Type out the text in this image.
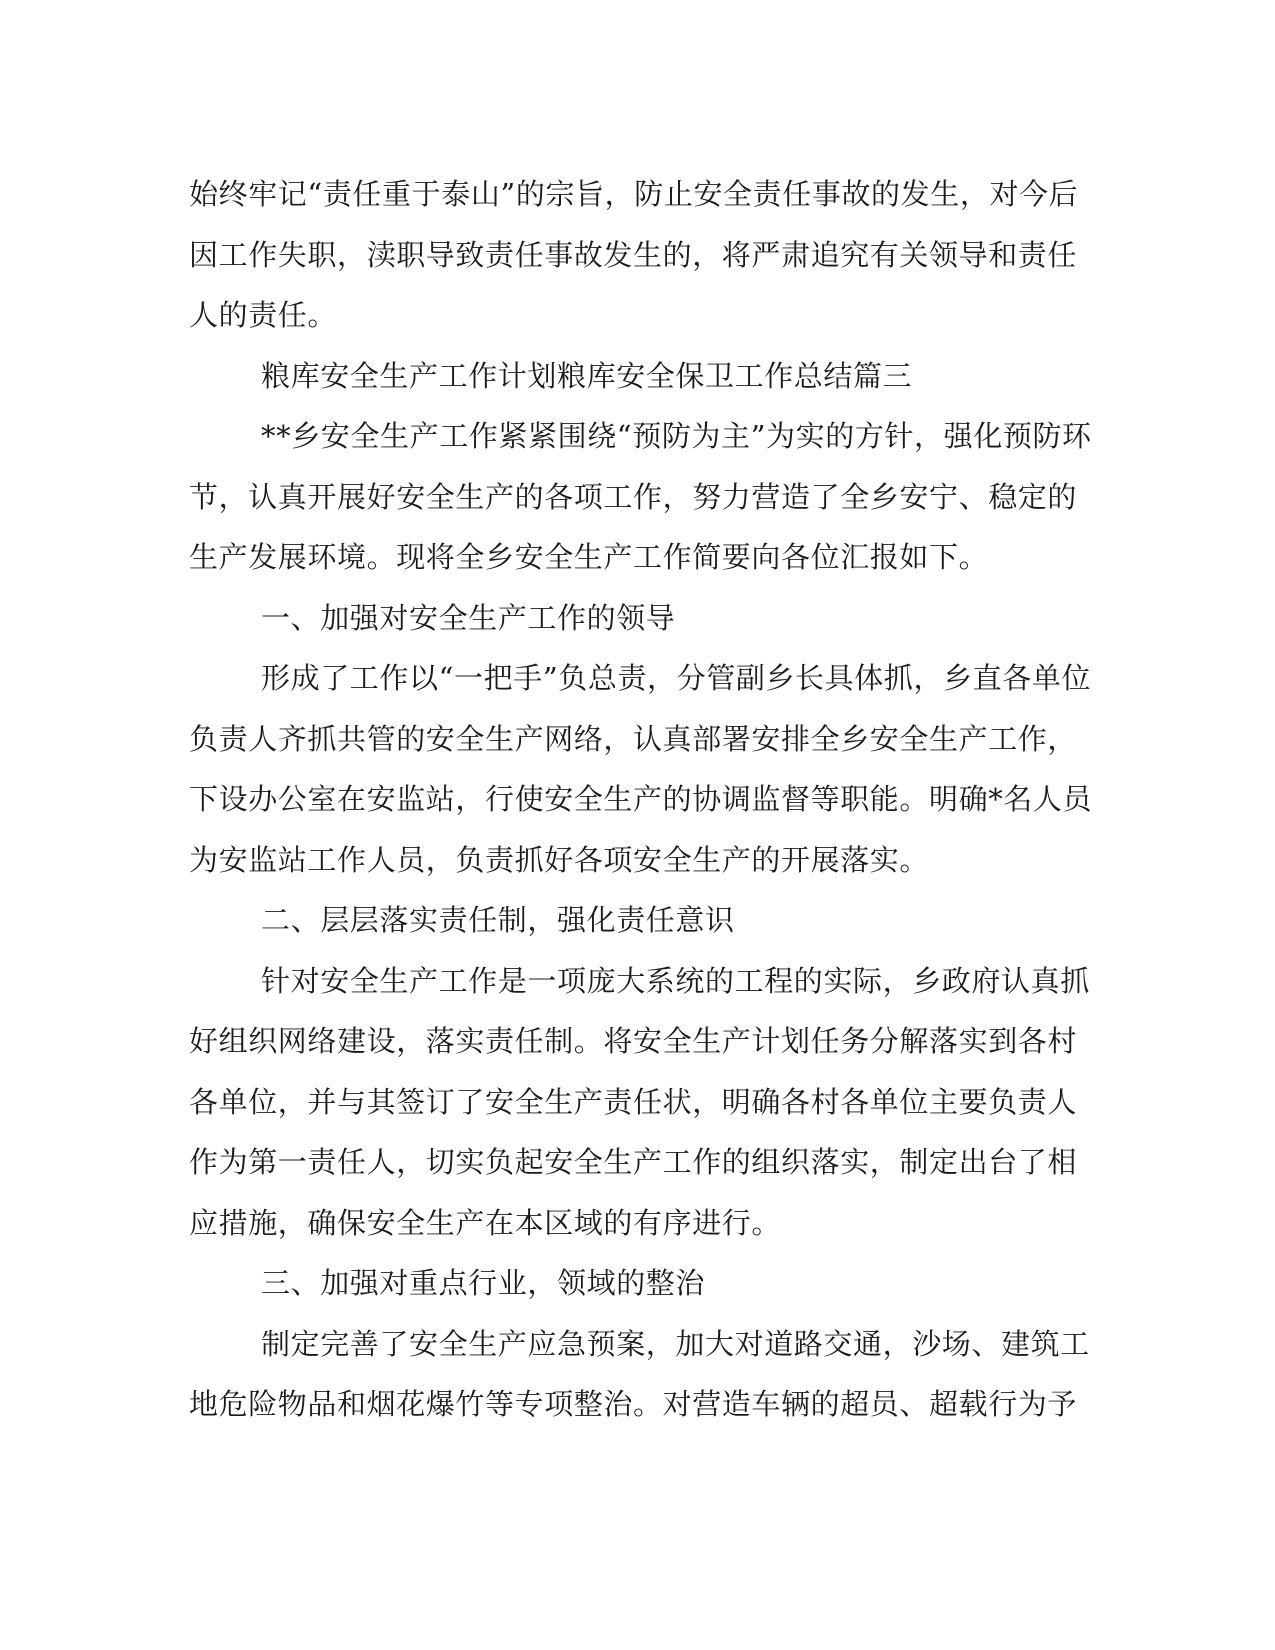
始终牢记“责任重于泰山”的宗旨，防止安全责任事故的发生，对今后
因工作失职，渎职导致责任事故发生的，将严肃追究有关领导和责任
人的责任。
粮库安全生产工作计划粮库安全保卫工作总结篇三
**乡安全生产工作紧紧围绕“预防为主”为实的方针，强化预防环
节，认真开展好安全生产的各项工作，努力营造了全乡安宁、稳定的
生产发展环境。现将全乡安全生产工作简要向各位汇报如下。
一、加强对安全生产工作的领导
形成了工作以“一把手”负总责，分管副乡长具体抓，乡直各单位
负责人齐抓共管的安全生产网络，认真部署安排全乡安全生产工作，
下设办公室在安监站，行使安全生产的协调监督等职能。明确*名人员
为安监站工作人员，负责抓好各项安全生产的开展落实。
二、层层落实责任制，强化责任意识
针对安全生产工作是一项庞大系统的工程的实际，乡政府认真抓
好组织网络建设，落实责任制。将安全生产计划任务分解落实到各村
各单位，并与其签订了安全生产责任状，明确各村各单位主要负责人
作为第一责任人，切实负起安全生产工作的组织落实，制定出台了相
应措施，确保安全生产在本区域的有序进行。
三、加强对重点行业，领域的整治
制定完善了安全生产应急预案，加大对道路交通，沙场、建筑工
地危险物品和烟花爆竹等专项整治。对营造车辆的超员、超载行为予
